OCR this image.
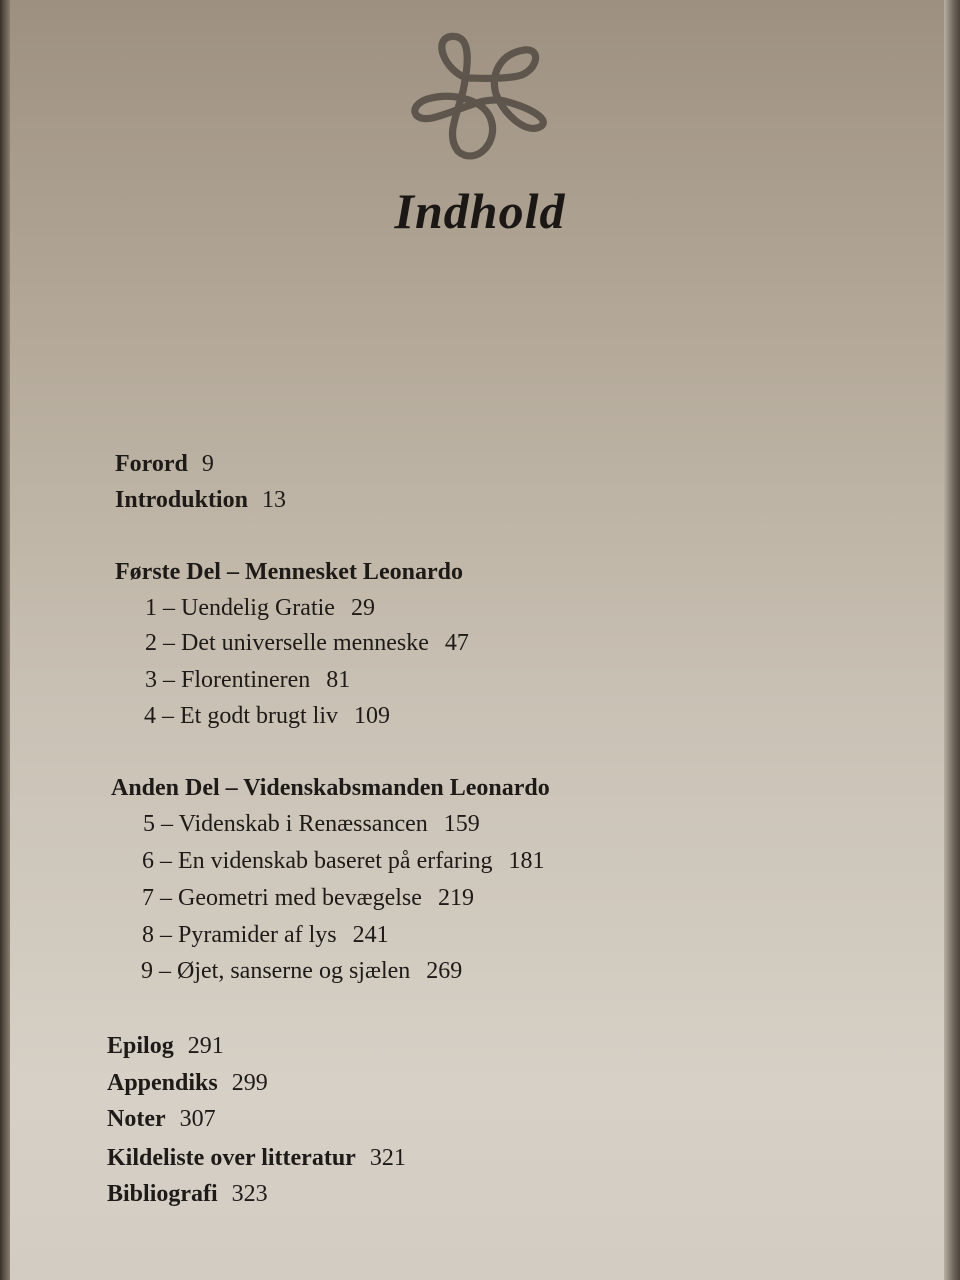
Indhold
Forord 9
Introduktion 13
Første Del – Mennesket Leonardo
1 – Uendelig Gratie 29
2 – Det universelle menneske 47
3 – Florentineren 81
4 – Et godt brugt liv 109
Anden Del – Videnskabsmanden Leonardo
5 – Videnskab i Renæssancen 159
6 – En videnskab baseret på erfaring 181
7 – Geometri med bevægelse 219
8 – Pyramider af lys 241
9 – Øjet, sanserne og sjælen 269
Epilog 291
Appendiks 299
Noter 307
Kildeliste over litteratur 321
Bibliografi 323
